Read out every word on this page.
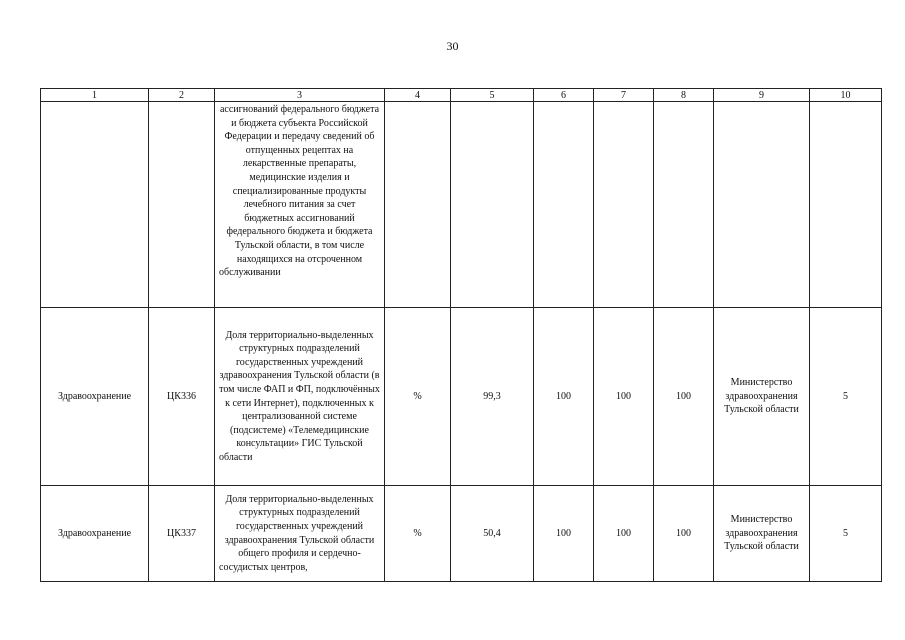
30
1	2	3	4	5	6	7	8	9	10
		ассигнований федерального бюджета и бюджета субъекта Российской Федерации и передачу сведений об отпущенных рецептах на лекарственные препараты, медицинские изделия и специализированные продукты лечебного питания за счет бюджетных ассигнований федерального бюджета и бюджета Тульской области, в том числе находящихся на отсроченном обслуживании							
Здравоохранение	ЦК336	Доля территориально-выделенных структурных подразделений государственных учреждений здравоохранения Тульской области (в том числе ФАП и ФП, подключённых к сети Интернет), подключенных к централизованной системе (подсистеме) «Телемедицинские консультации» ГИС Тульской области	%	99,3	100	100	100	Министерство здравоохранения Тульской области	5
Здравоохранение	ЦК337	Доля территориально-выделенных структурных подразделений государственных учреждений здравоохранения Тульской области общего профиля и сердечно-сосудистых центров,	%	50,4	100	100	100	Министерство здравоохранения Тульской области	5
